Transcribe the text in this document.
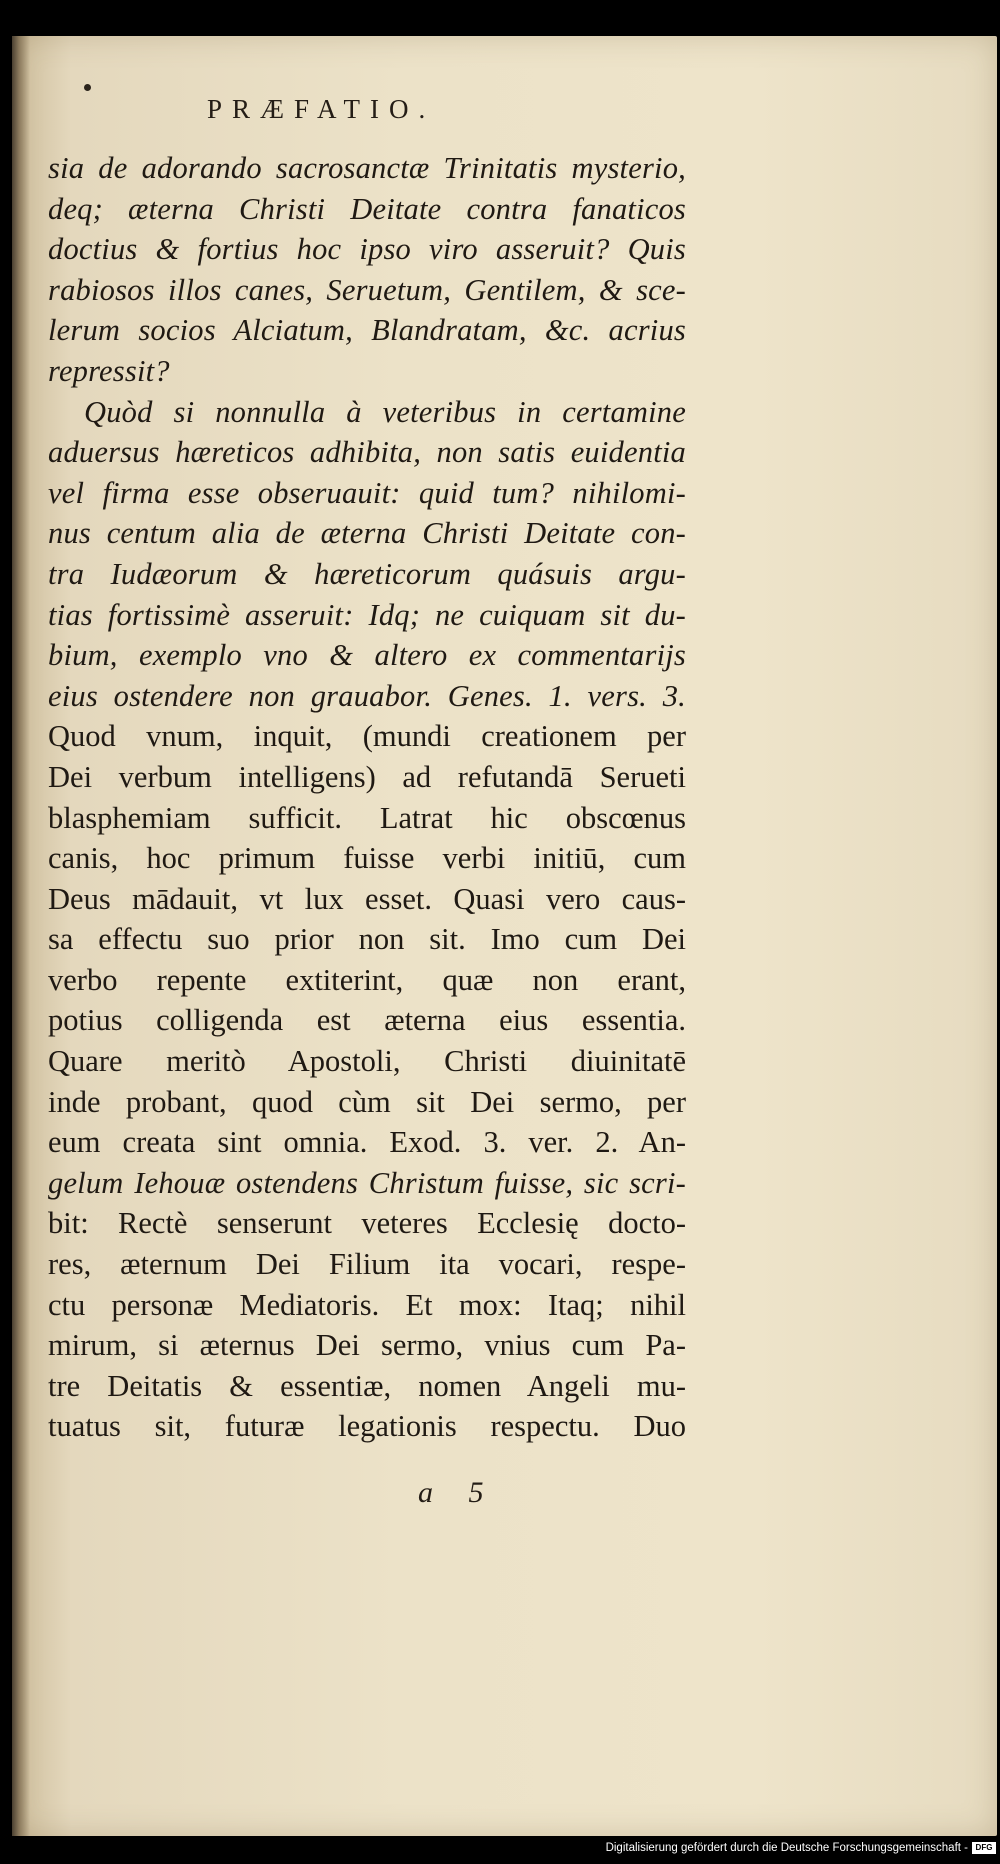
PRÆFATIO.
sia de adorando sacrosanctæ Trinitatis mysterio,
deq; æterna Christi Deitate contra fanaticos
doctius & fortius hoc ipso viro asseruit? Quis
rabiosos illos canes, Seruetum, Gentilem, & sce-
lerum socios Alciatum, Blandratam, &c. acrius
repressit?
Quòd si nonnulla à veteribus in certamine
aduersus hæreticos adhibita, non satis euidentia
vel firma esse obseruauit: quid tum? nihilomi-
nus centum alia de æterna Christi Deitate con-
tra Iudæorum & hæreticorum quásuis argu-
tias fortissimè asseruit: Idq; ne cuiquam sit du-
bium, exemplo vno & altero ex commentarijs
eius ostendere non grauabor. Genes. 1. vers. 3.
Quod vnum, inquit, (mundi creationem per
Dei verbum intelligens) ad refutandā Serueti
blasphemiam sufficit. Latrat hic obscœnus
canis, hoc primum fuisse verbi initiū, cum
Deus mādauit, vt lux esset. Quasi vero caus-
sa effectu suo prior non sit. Imo cum Dei
verbo repente extiterint, quæ non erant,
potius colligenda est æterna eius essentia.
Quare meritò Apostoli, Christi diuinitatē
inde probant, quod cùm sit Dei sermo, per
eum creata sint omnia. Exod. 3. ver. 2. An-
gelum Iehouæ ostendens Christum fuisse, sic scri-
bit: Rectè senserunt veteres Ecclesię docto-
res, æternum Dei Filium ita vocari, respe-
ctu personæ Mediatoris. Et mox: Itaq; nihil
mirum, si æternus Dei sermo, vnius cum Pa-
tre Deitatis & essentiæ, nomen Angeli mu-
tuatus sit, futuræ legationis respectu. Duo
a 5
Digitalisierung gefördert durch die Deutsche Forschungsgemeinschaft - DFG
